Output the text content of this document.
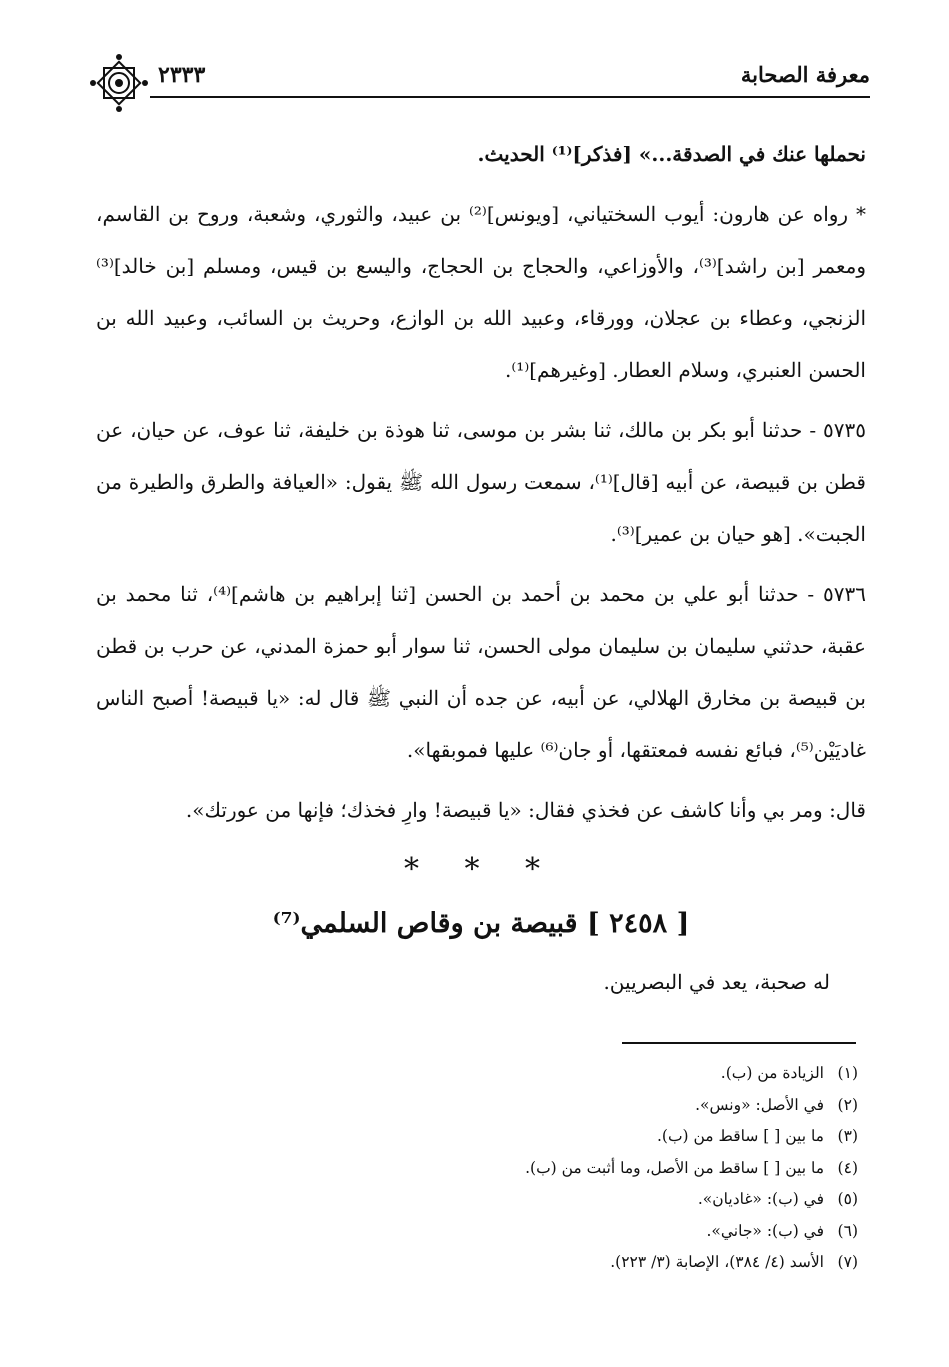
معرفة الصحابة
٢٣٣٣

نحملها عنك في الصدقة...» [فذكر]⁽¹⁾ الحديث.

* رواه عن هارون: أيوب السختياني، [ويونس]⁽²⁾ بن عبيد، والثوري، وشعبة، وروح بن القاسم، ومعمر [بن راشد]⁽³⁾، والأوزاعي، والحجاج بن الحجاج، واليسع بن قيس، ومسلم [بن خالد]⁽³⁾ الزنجي، وعطاء بن عجلان، وورقاء، وعبيد الله بن الوازع، وحريث بن السائب، وعبيد الله بن الحسن العنبري، وسلام العطار. [وغيرهم]⁽¹⁾.

٥٧٣٥ - حدثنا أبو بكر بن مالك، ثنا بشر بن موسى، ثنا هوذة بن خليفة، ثنا عوف، عن حيان، عن قطن بن قبيصة، عن أبيه [قال]⁽¹⁾، سمعت رسول الله ﷺ يقول: «العيافة والطرق والطيرة من الجبت». [هو حيان بن عمير]⁽³⁾.

٥٧٣٦ - حدثنا أبو علي بن محمد بن أحمد بن الحسن [ثنا إبراهيم بن هاشم]⁽⁴⁾، ثنا محمد بن عقبة، حدثني سليمان بن سليمان مولى الحسن، ثنا سوار أبو حمزة المدني، عن حرب بن قطن بن قبيصة بن مخارق الهلالي، عن أبيه، عن جده أن النبي ﷺ قال له: «يا قبيصة! أصبح الناس غاديَيْن⁽⁵⁾، فبائع نفسه فمعتقها، أو جان⁽⁶⁾ عليها فموبقها».

قال: ومر بي وأنا كاشف عن فخذي فقال: «يا قبيصة! وارِ فخذك؛ فإنها من عورتك».

* * *
[ ٢٤٥٨ ] قبيصة بن وقاص السلمي⁽⁷⁾

له صحبة، يعد في البصريين.

(١)الزيادة من (ب).
(٢)في الأصل: «ونس».
(٣)ما بين [ ] ساقط من (ب).
(٤)ما بين [ ] ساقط من الأصل، وما أثبت من (ب).
(٥)في (ب): «غاديان».
(٦)في (ب): «جاني».
(٧)الأسد (٤/ ٣٨٤)، الإصابة (٣/ ٢٢٣).
